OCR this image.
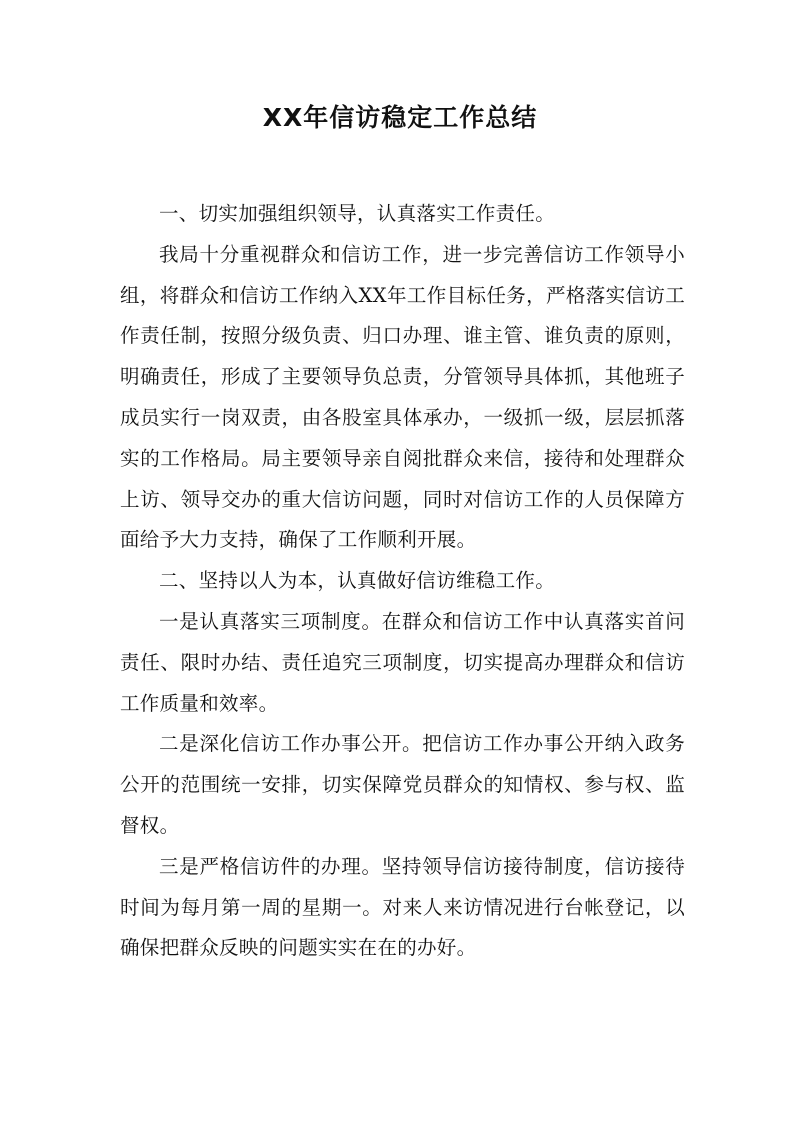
XX年信访稳定工作总结

一、切实加强组织领导，认真落实工作责任。

我局十分重视群众和信访工作，进一步完善信访工作领导小组，将群众和信访工作纳入XX年工作目标任务，严格落实信访工作责任制，按照分级负责、归口办理、谁主管、谁负责的原则，明确责任，形成了主要领导负总责，分管领导具体抓，其他班子成员实行一岗双责，由各股室具体承办，一级抓一级，层层抓落实的工作格局。局主要领导亲自阅批群众来信，接待和处理群众上访、领导交办的重大信访问题，同时对信访工作的人员保障方面给予大力支持，确保了工作顺利开展。

二、坚持以人为本，认真做好信访维稳工作。

一是认真落实三项制度。在群众和信访工作中认真落实首问责任、限时办结、责任追究三项制度，切实提高办理群众和信访工作质量和效率。

二是深化信访工作办事公开。把信访工作办事公开纳入政务公开的范围统一安排，切实保障党员群众的知情权、参与权、监督权。

三是严格信访件的办理。坚持领导信访接待制度，信访接待时间为每月第一周的星期一。对来人来访情况进行台帐登记，以确保把群众反映的问题实实在在的办好。
